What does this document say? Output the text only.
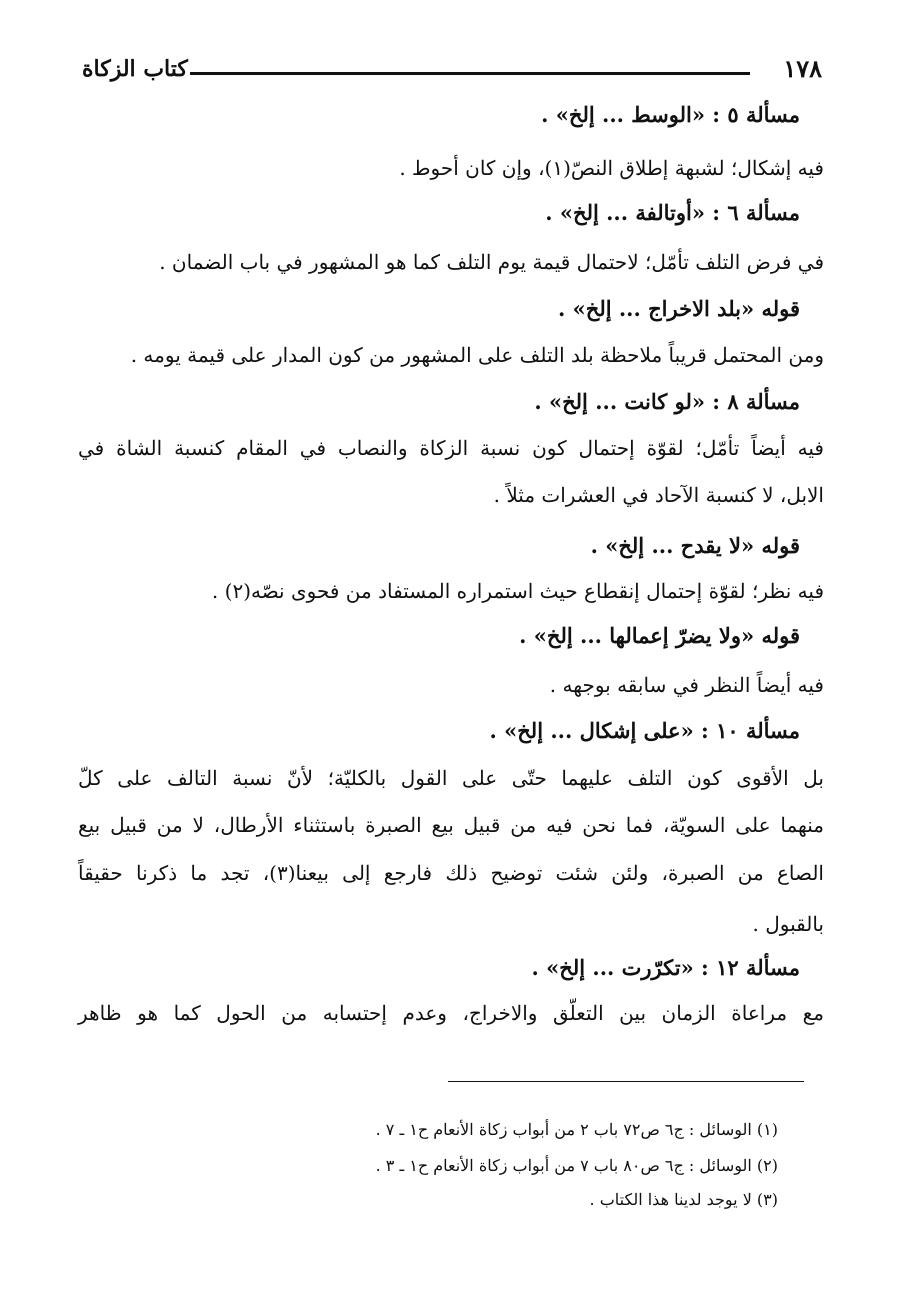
كتاب الزكاة	١٧٨

مسألة ٥ : «الوسط ... إلخ» .

فيه إشكال؛ لشبهة إطلاق النصّ(١)، وإن كان أحوط .

مسألة ٦ : «أوتالفة ... إلخ» .

في فرض التلف تأمّل؛ لاحتمال قيمة يوم التلف كما هو المشهور في باب الضمان .

قوله «بلد الاخراج ... إلخ» .

ومن المحتمل قريباً ملاحظة بلد التلف على المشهور من كون المدار على قيمة يومه .

مسألة ٨ : «لو كانت ... إلخ» .

فيه أيضاً تأمّل؛ لقوّة إحتمال كون نسبة الزكاة والنصاب في المقام كنسبة الشاة في

الابل، لا كنسبة الآحاد في العشرات مثلاً .

قوله «لا يقدح ... إلخ» .

فيه نظر؛ لقوّة إحتمال إنقطاع حيث استمراره المستفاد من فحوى نصّه(٢) .

قوله «ولا يضرّ إعمالها ... إلخ» .

فيه أيضاً النظر في سابقه بوجهه .

مسألة ١٠ : «على إشكال ... إلخ» .

بل الأقوى كون التلف عليهما حتّى على القول بالكليّة؛ لأنّ نسبة التالف على كلّ

منهما على السويّة، فما نحن فيه من قبيل بيع الصبرة باستثناء الأرطال، لا من قبيل بيع

الصاع من الصبرة، ولئن شئت توضيح ذلك فارجع إلى بيعنا(٣)، تجد ما ذكرنا حقيقاً

بالقبول .

مسألة ١٢ : «تكرّرت ... إلخ» .

مع مراعاة الزمان بين التعلّق والاخراج، وعدم إحتسابه من الحول كما هو ظاهر

(١) الوسائل : ج٦ ص٧٢ باب ٢ من أبواب زكاة الأنعام ح١ ـ ٧ .

(٢) الوسائل : ج٦ ص٨٠ باب ٧ من أبواب زكاة الأنعام ح١ ـ ٣ .

(٣) لا يوجد لدينا هذا الكتاب .
